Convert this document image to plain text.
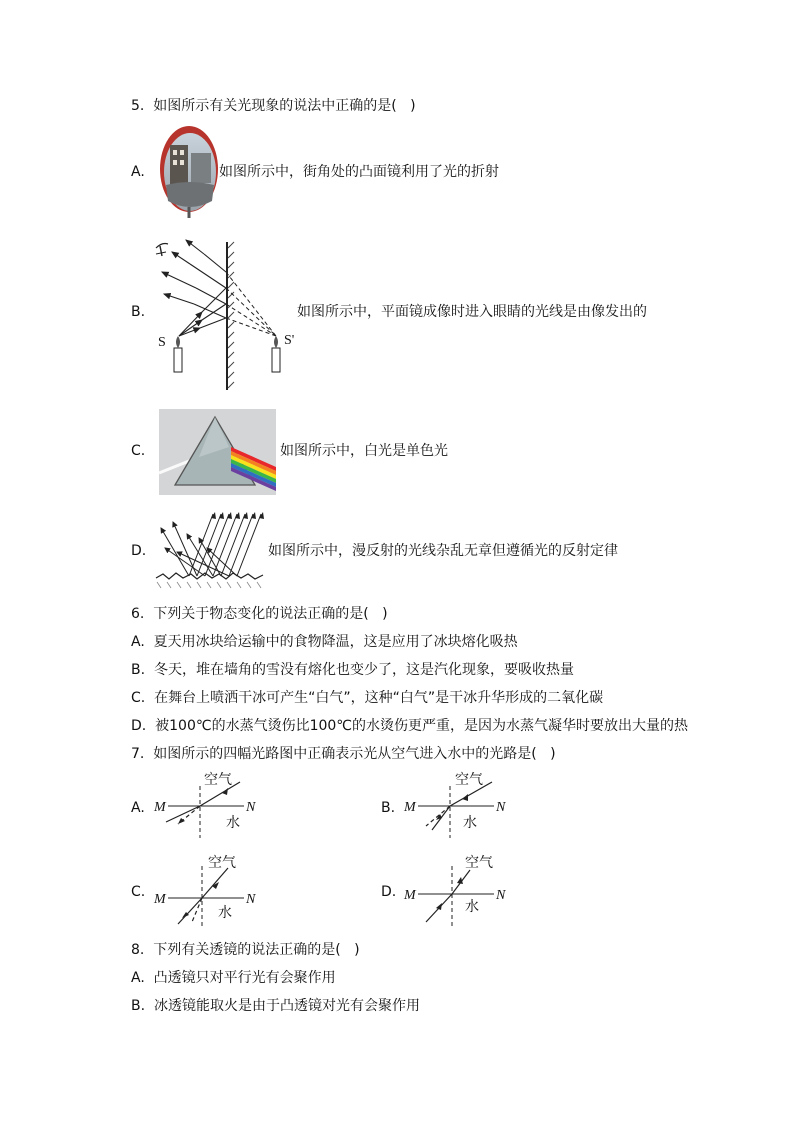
5.  如图所示有关光现象的说法中正确的是(   )
A.	如图所示中，街角处的凸面镜利用了光的折射
B.
S	S'
如图所示中，平面镜成像时进入眼睛的光线是由像发出的
C.	如图所示中，白光是单色光
D.	如图所示中，漫反射的光线杂乱无章但遵循光的反射定律
6.  下列关于物态变化的说法正确的是(   )
A.  夏天用冰块给运输中的食物降温，这是应用了冰块熔化吸热
B.  冬天，堆在墙角的雪没有熔化也变少了，这是汽化现象，要吸收热量
C.  在舞台上喷洒干冰可产生“白气”，这种“白气”是干冰升华形成的二氧化碳
D.  被100℃的水蒸气烫伤比100℃的水烫伤更严重，是因为水蒸气凝华时要放出大量的热
7.  如图所示的四幅光路图中正确表示光从空气进入水中的光路是(   )
A. M	N
空气
水
B. M	N
空气
水
C. M	N
空气
水
D. M	N
空气
水
8.  下列有关透镜的说法正确的是(   )
A.  凸透镜只对平行光有会聚作用
B.  冰透镜能取火是由于凸透镜对光有会聚作用
